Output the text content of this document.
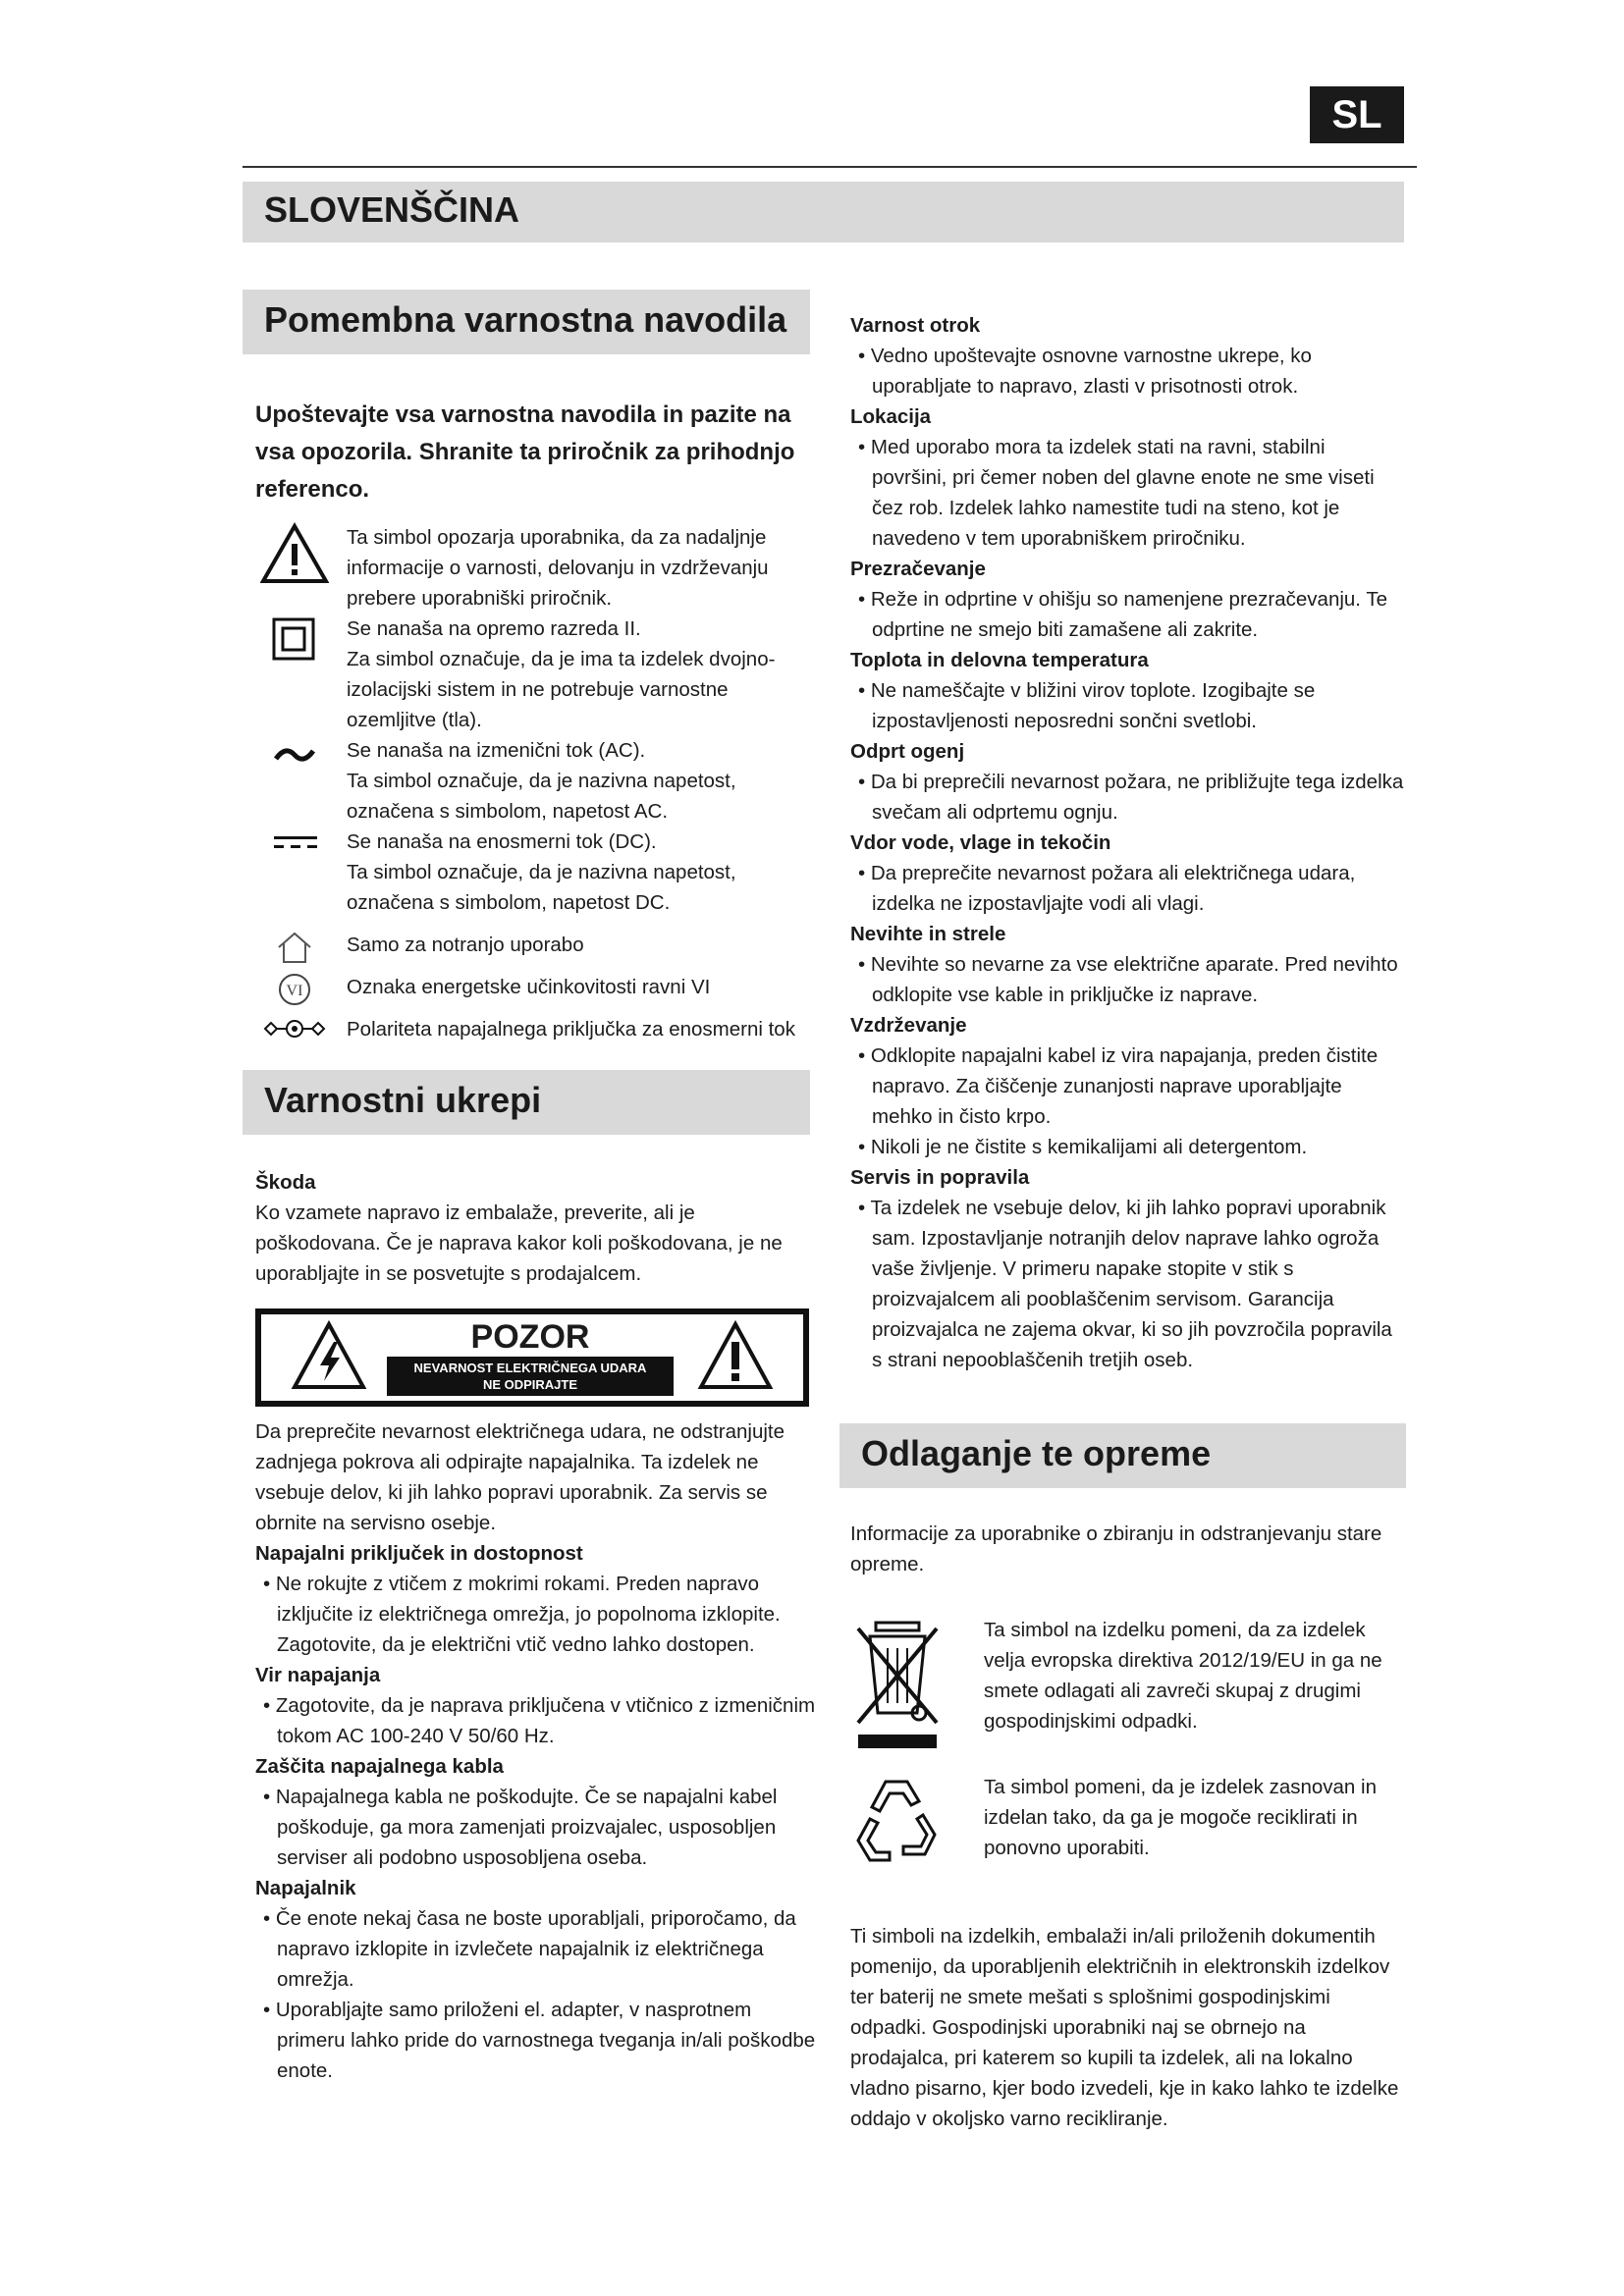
SL
SLOVENŠČINA
Pomembna varnostna navodila
Varnostni ukrepi
Odlaganje te opreme

Upoštevajte vsa varnostna navodila in pazite na vsa opozorila. Shranite ta priročnik za prihodnjo referenco.

Ta simbol opozarja uporabnika, da za nadaljnje

informacije o varnosti, delovanju in vzdrževanju

prebere uporabniški priročnik.

Se nanaša na opremo razreda II.

Za simbol označuje, da je ima ta izdelek dvojno-

izolacijski sistem in ne potrebuje varnostne

ozemljitve (tla).

Se nanaša na izmenični tok (AC).

Ta simbol označuje, da je nazivna napetost,

označena s simbolom, napetost AC.

Se nanaša na enosmerni tok (DC).

Ta simbol označuje, da je nazivna napetost,

označena s simbolom, napetost DC.

Samo za notranjo uporabo

VI Oznaka energetske učinkovitosti ravni VI

Polariteta napajalnega priključka za enosmerni tok

Škoda

Ko vzamete napravo iz embalaže, preverite, ali je poškodovana. Če je naprava kakor koli poškodovana, je ne uporabljajte in se posvetujte s prodajalcem.

POZOR
NEVARNOST ELEKTRIČNEGA UDARA
NE ODPIRAJTE

Da preprečite nevarnost električnega udara, ne odstranjujte zadnjega pokrova ali odpirajte napajalnika. Ta izdelek ne vsebuje delov, ki jih lahko popravi uporabnik. Za servis se obrnite na servisno osebje.

Napajalni priključek in dostopnost

• Ne rokujte z vtičem z mokrimi rokami. Preden napravo izključite iz električnega omrežja, jo popolnoma izklopite. Zagotovite, da je električni vtič vedno lahko dostopen.

Vir napajanja

• Zagotovite, da je naprava priključena v vtičnico z izmeničnim tokom AC 100-240 V 50/60 Hz.

Zaščita napajalnega kabla

• Napajalnega kabla ne poškodujte. Če se napajalni kabel poškoduje, ga mora zamenjati proizvajalec, usposobljen serviser ali podobno usposobljena oseba.

Napajalnik

• Če enote nekaj časa ne boste uporabljali, priporočamo, da napravo izklopite in izvlečete napajalnik iz električnega omrežja.

• Uporabljajte samo priloženi el. adapter, v nasprotnem primeru lahko pride do varnostnega tveganja in/ali poškodbe enote.

Varnost otrok

• Vedno upoštevajte osnovne varnostne ukrepe, ko uporabljate to napravo, zlasti v prisotnosti otrok.

Lokacija

• Med uporabo mora ta izdelek stati na ravni, stabilni površini, pri čemer noben del glavne enote ne sme viseti čez rob. Izdelek lahko namestite tudi na steno, kot je navedeno v tem uporabniškem priročniku.

Prezračevanje

• Reže in odprtine v ohišju so namenjene prezračevanju. Te odprtine ne smejo biti zamašene ali zakrite.

Toplota in delovna temperatura

• Ne nameščajte v bližini virov toplote. Izogibajte se izpostavljenosti neposredni sončni svetlobi.

Odprt ogenj

• Da bi preprečili nevarnost požara, ne približujte tega izdelka svečam ali odprtemu ognju.

Vdor vode, vlage in tekočin

• Da preprečite nevarnost požara ali električnega udara, izdelka ne izpostavljajte vodi ali vlagi.

Nevihte in strele

• Nevihte so nevarne za vse električne aparate. Pred nevihto odklopite vse kable in priključke iz naprave.

Vzdrževanje

• Odklopite napajalni kabel iz vira napajanja, preden čistite napravo. Za čiščenje zunanjosti naprave uporabljajte mehko in čisto krpo.

• Nikoli je ne čistite s kemikalijami ali detergentom.

Servis in popravila

• Ta izdelek ne vsebuje delov, ki jih lahko popravi uporabnik sam. Izpostavljanje notranjih delov naprave lahko ogroža vaše življenje. V primeru napake stopite v stik s proizvajalcem ali pooblaščenim servisom. Garancija proizvajalca ne zajema okvar, ki so jih povzročila popravila s strani nepooblaščenih tretjih oseb.

Informacije za uporabnike o zbiranju in odstranjevanju stare opreme.

Ta simbol na izdelku pomeni, da za izdelek velja evropska direktiva 2012/19/EU in ga ne smete odlagati ali zavreči skupaj z drugimi gospodinjskimi odpadki.

Ta simbol pomeni, da je izdelek zasnovan in izdelan tako, da ga je mogoče reciklirati in ponovno uporabiti.

Ti simboli na izdelkih, embalaži in/ali priloženih dokumentih pomenijo, da uporabljenih električnih in elektronskih izdelkov ter baterij ne smete mešati s splošnimi gospodinjskimi odpadki. Gospodinjski uporabniki naj se obrnejo na prodajalca, pri katerem so kupili ta izdelek, ali na lokalno vladno pisarno, kjer bodo izvedeli, kje in kako lahko te izdelke oddajo v okoljsko varno recikliranje.
